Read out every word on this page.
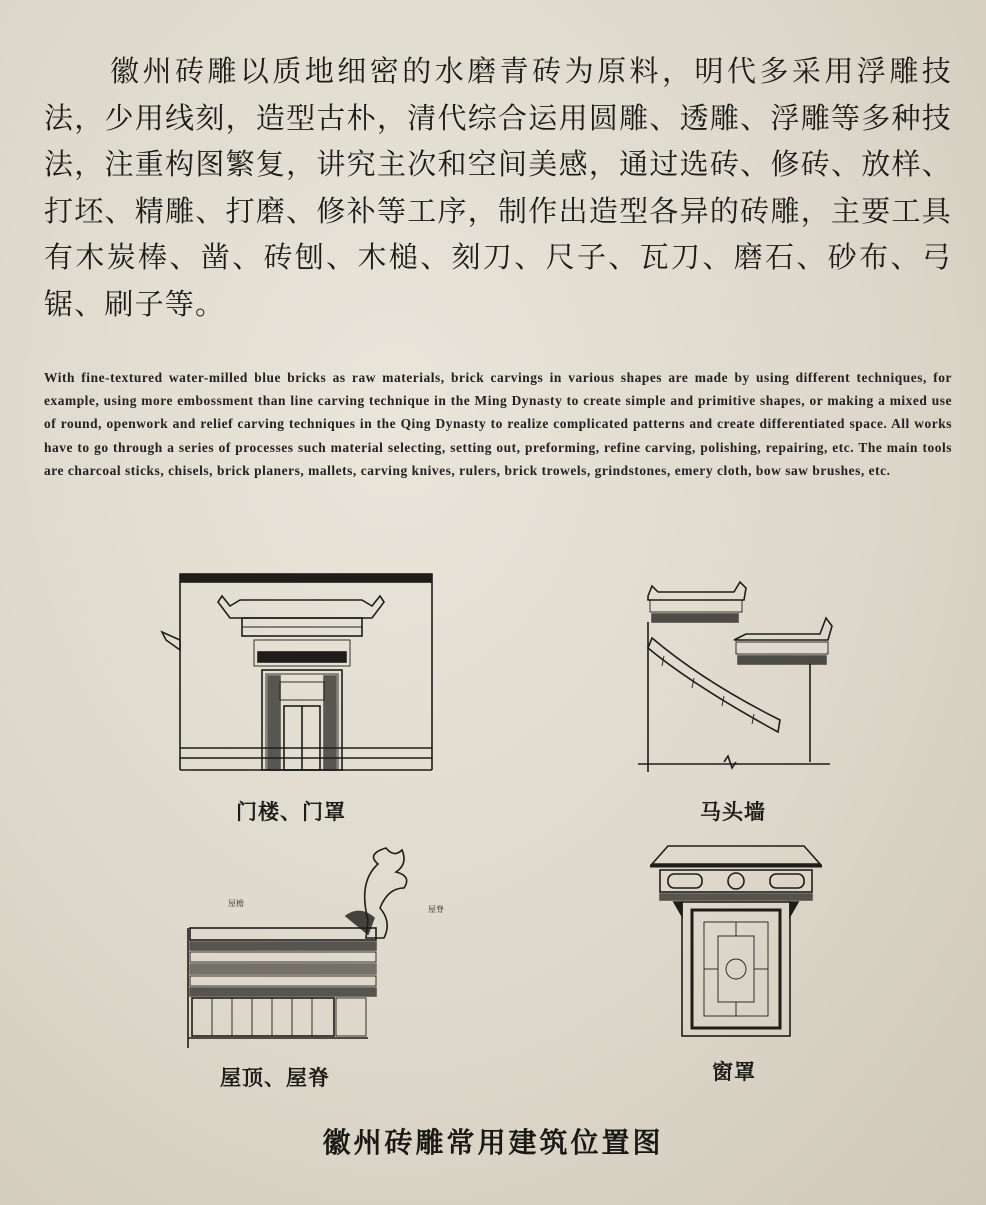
徽州砖雕以质地细密的水磨青砖为原料，明代多采用浮雕技法，少用线刻，造型古朴，清代综合运用圆雕、透雕、浮雕等多种技法，注重构图繁复，讲究主次和空间美感，通过选砖、修砖、放样、打坯、精雕、打磨、修补等工序，制作出造型各异的砖雕，主要工具有木炭棒、凿、砖刨、木槌、刻刀、尺子、瓦刀、磨石、砂布、弓锯、刷子等。

With fine-textured water-milled blue bricks as raw materials, brick carvings in various shapes are made by using different techniques, for example, using more embossment than line carving technique in the Ming Dynasty to create simple and primitive shapes, or making a mixed use of round, openwork and relief carving techniques in the Qing Dynasty to realize complicated patterns and create differentiated space. All works have to go through a series of processes such material selecting, setting out, preforming, refine carving, polishing, repairing, etc. The main tools are charcoal sticks, chisels, brick planers, mallets, carving knives, rulers, brick trowels, grindstones, emery cloth, bow saw brushes, etc.

门楼、门罩	马头墙
屋檐
屋脊
屋顶、屋脊	窗罩
徽州砖雕常用建筑位置图
